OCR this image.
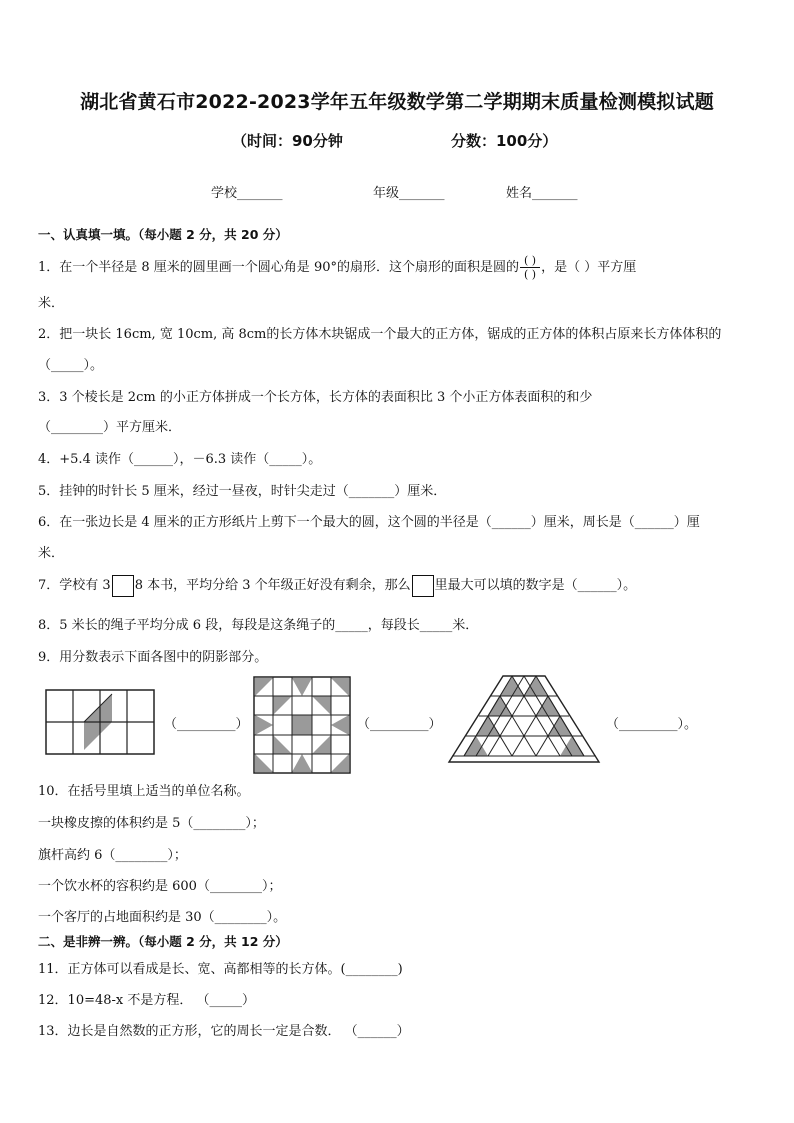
湖北省黄石市2022-2023学年五年级数学第二学期期末质量检测模拟试题
（时间：90分钟	分数：100分）
学校_______	年级_______	姓名_______
一、认真填一填。（每小题 2 分，共 20 分）
1．在一个半径是 8 厘米的圆里画一个圆心角是 90°的扇形．这个扇形的面积是圆的 $\frac{( )}{( )}$ ，是（ ）平方厘
米．
2．把一块长 16cm, 宽 10cm, 高 8cm的长方体木块锯成一个最大的正方体，锯成的正方体的体积占原来长方体体积的
（_____）。
3．3 个棱长是 2cm 的小正方体拼成一个长方体，长方体的表面积比 3 个小正方体表面积的和少
（________）平方厘米．
4．+5.4 读作（______），－6.3 读作（_____）。
5．挂钟的时针长 5 厘米，经过一昼夜，时针尖走过（_______）厘米．
6．在一张边长是 4 厘米的正方形纸片上剪下一个最大的圆，这个圆的半径是（______）厘米，周长是（______）厘
米．
7．学校有 3 8 本书，平均分给 3 个年级正好没有剩余，那么 里最大可以填的数字是（______）。
8．5 米长的绳子平均分成 6 段，每段是这条绳子的_____，每段长_____米．
9．用分数表示下面各图中的阴影部分。
（_________）	（_________）	（_________）。
10．在括号里填上适当的单位名称。
一块橡皮擦的体积约是 5（________）；
旗杆高约 6（________）；
一个饮水杯的容积约是 600（________）；
一个客厅的占地面积约是 30（________）。
二、是非辨一辨。（每小题 2 分，共 12 分）
11．正方体可以看成是长、宽、高都相等的长方体。(________)
12．10=48-x 不是方程． （_____）
13．边长是自然数的正方形，它的周长一定是合数． （______）
